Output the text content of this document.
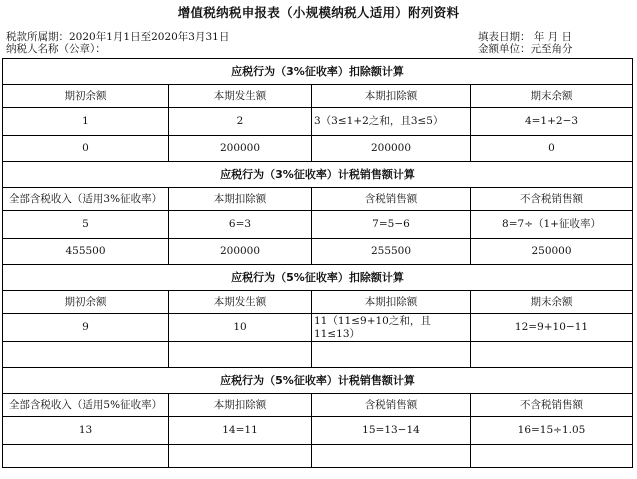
增值税纳税申报表（小规模纳税人适用）附列资料
税款所属期：2020年1月1日至2020年3月31日
纳税人名称（公章）：
填表日期： 年 月 日
金额单位：元至角分
应税行为（3%征收率）扣除额计算			
期初余额	本期发生额	本期扣除额	期末余额
1	2	3（3≤1+2之和，且3≤5）	4=1+2−3
0	200000	200000	0
应税行为（3%征收率）计税销售额计算			
全部含税收入（适用3%征收率）	本期扣除额	含税销售额	不含税销售额
5	6=3	7=5−6	8=7÷（1+征收率）
455500	200000	255500	250000
应税行为（5%征收率）扣除额计算			
期初余额	本期发生额	本期扣除额	期末余额
9	10	11（11≤9+10之和，且11≤13）	12=9+10−11

应税行为（5%征收率）计税销售额计算			
全部含税收入（适用5%征收率）	本期扣除额	含税销售额	不含税销售额
13	14=11	15=13−14	16=15÷1.05
